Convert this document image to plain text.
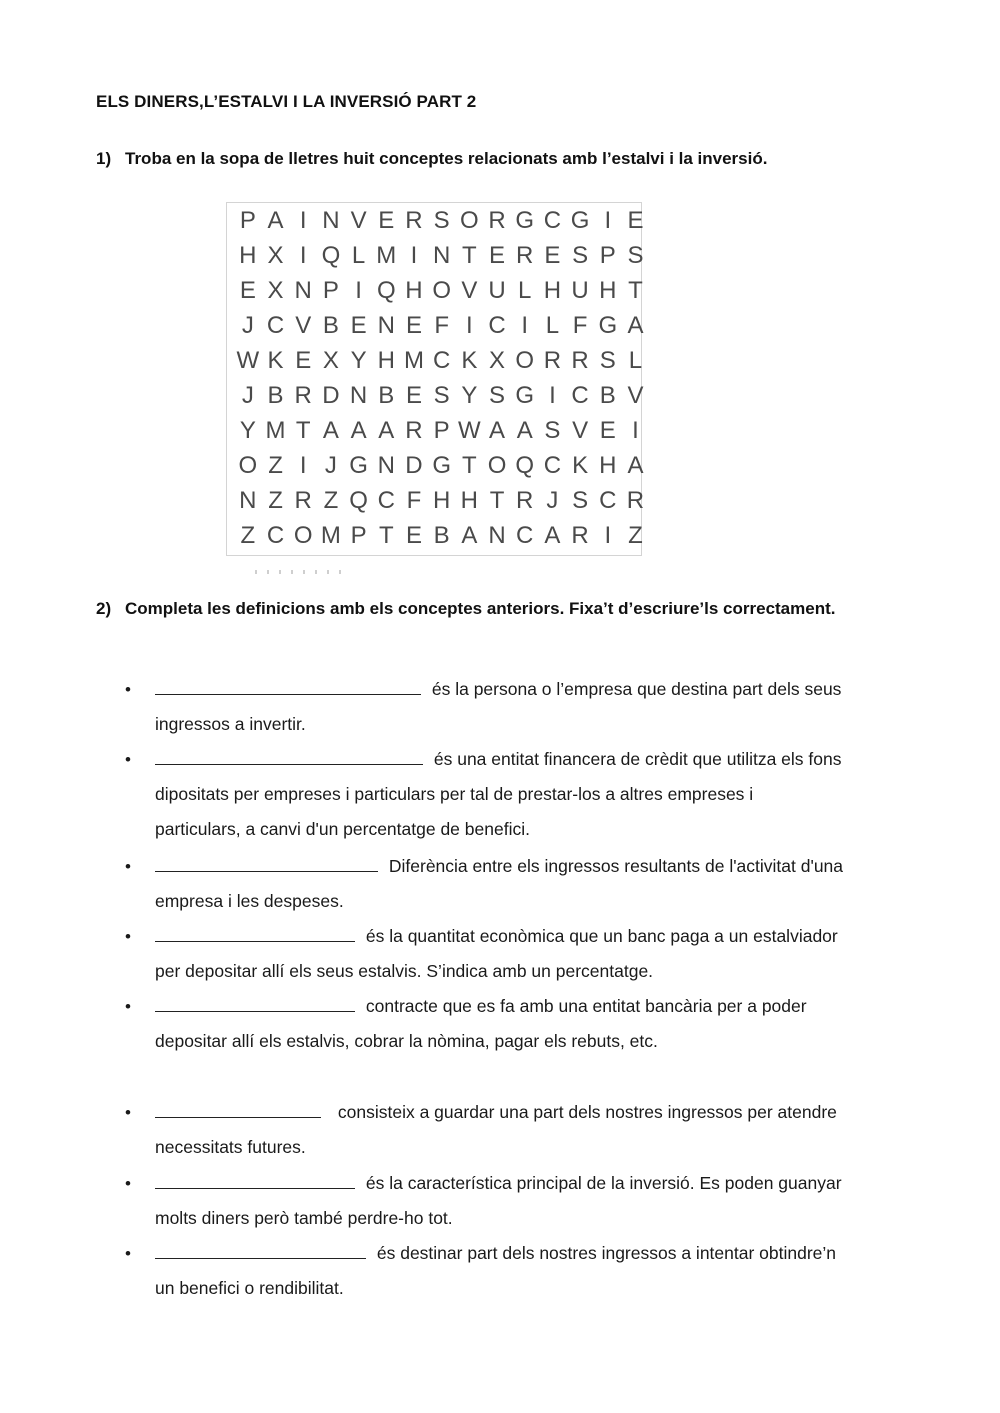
ELS DINERS,L’ESTALVI I LA INVERSIÓ PART 2
1) Troba en la sopa de lletres huit conceptes relacionats amb l’estalvi i la inversió.
P A I N V E R S O R G C G I E
H X I Q L M I N T E R E S P S
E X N P I Q H O V U L H U H T
J C V B E N E F I C I L F G A
W K E X Y H M C K X O R R S L
J B R D N B E S Y S G I C B V
Y M T A A A R P W A A S V E I
O Z I J G N D G T O Q C K H A
N Z R Z Q C F H H T R J S C R
Z C O M P T E B A N C A R I Z
2) Completa les definicions amb els conceptes anteriors. Fixa’t d’escriure’ls correctament.
•	és la persona o l’empresa que destina part dels seus
ingressos a invertir.
•	és una entitat financera de crèdit que utilitza els fons
dipositats per empreses i particulars per tal de prestar-los a altres empreses i
particulars, a canvi d'un percentatge de benefici.
•	Diferència entre els ingressos resultants de l'activitat d'una
empresa i les despeses.
•	és la quantitat econòmica que un banc paga a un estalviador
per depositar allí els seus estalvis. S’indica amb un percentatge.
•	contracte que es fa amb una entitat bancària per a poder
depositar allí els estalvis, cobrar la nòmina, pagar els rebuts, etc.
•	consisteix a guardar una part dels nostres ingressos per atendre
necessitats futures.
•	és la característica principal de la inversió. Es poden guanyar
molts diners però també perdre-ho tot.
•	és destinar part dels nostres ingressos a intentar obtindre’n
un benefici o rendibilitat.
